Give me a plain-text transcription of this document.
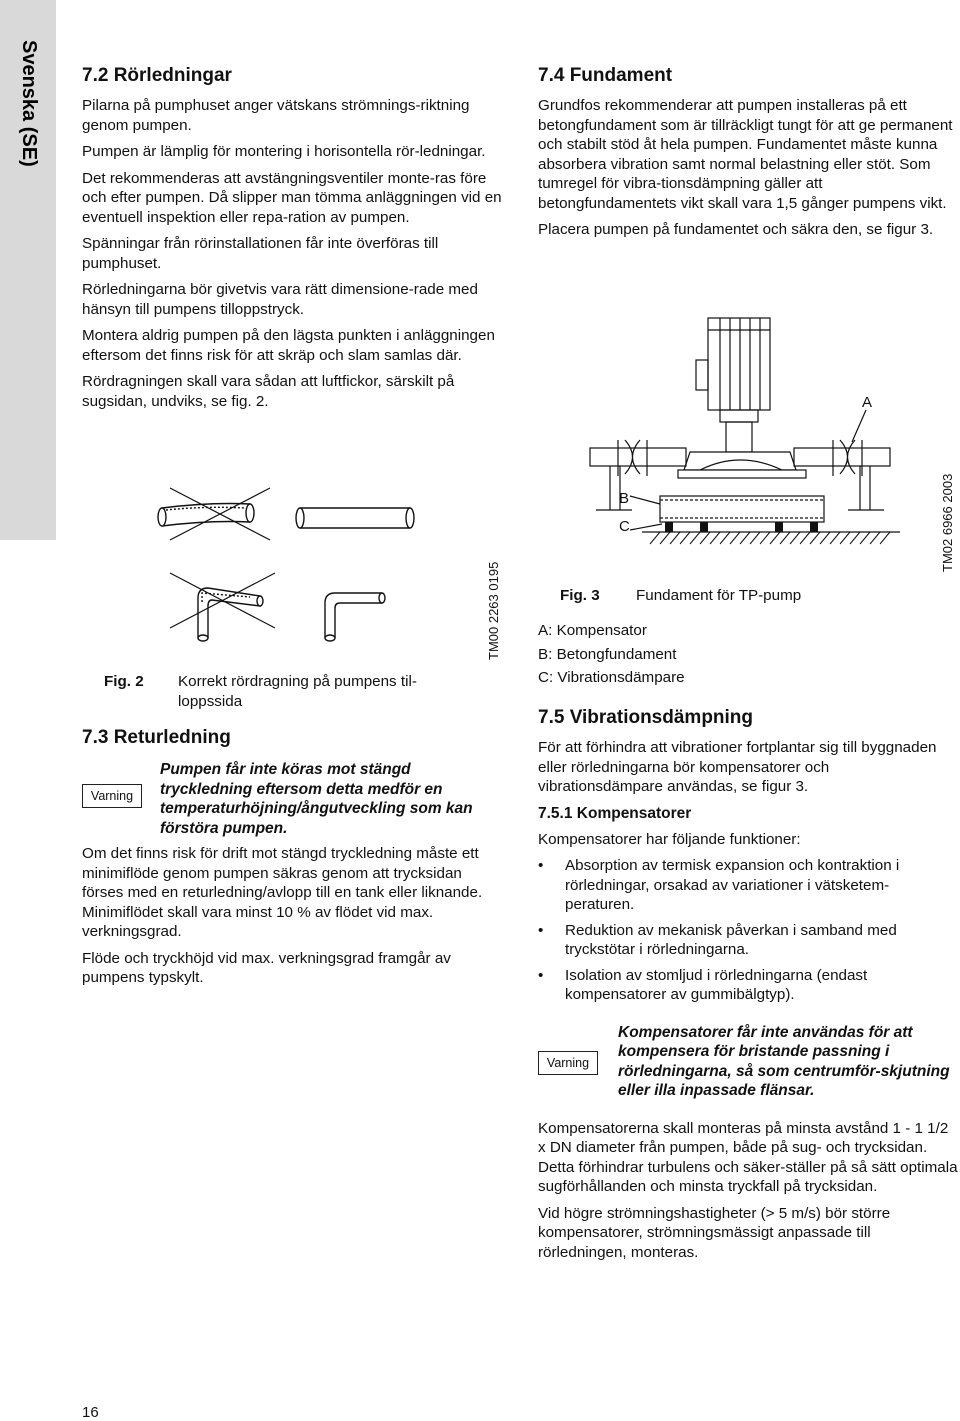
Svenska (SE)	7.2 Rörledningar

Pilarna på pumphuset anger vätskans strömnings-riktning genom pumpen.

Pumpen är lämplig för montering i horisontella rör-ledningar.

Det rekommenderas att avstängningsventiler monte-ras före och efter pumpen. Då slipper man tömma anläggningen vid en eventuell inspektion eller repa-ration av pumpen.

Spänningar från rörinstallationen får inte överföras till pumphuset.

Rörledningarna bör givetvis vara rätt dimensione-rade med hänsyn till pumpens tilloppstryck.

Montera aldrig pumpen på den lägsta punkten i anläggningen eftersom det finns risk för att skräp och slam samlas där.

Rördragningen skall vara sådan att luftfickor, särskilt på sugsidan, undviks, se fig. 2.

TM00 2263 0195
Fig. 2 Korrekt rördragning på pumpens til-loppssida
7.3 Returledning
Varning
Pumpen får inte köras mot stängd tryckledning eftersom detta medför en temperaturhöjning/ångutveckling som kan förstöra pumpen.

Om det finns risk för drift mot stängd tryckledning måste ett minimiflöde genom pumpen säkras genom att trycksidan förses med en returledning/avlopp till en tank eller liknande. Minimiflödet skall vara minst 10 % av flödet vid max. verkningsgrad.

Flöde och tryckhöjd vid max. verkningsgrad framgår av pumpens typskylt.

7.4 Fundament

Grundfos rekommenderar att pumpen installeras på ett betongfundament som är tillräckligt tungt för att ge permanent och stabilt stöd åt hela pumpen. Fundamentet måste kunna absorbera vibration samt normal belastning eller stöt. Som tumregel för vibra-tionsdämpning gäller att betongfundamentets vikt skall vara 1,5 gånger pumpens vikt.

Placera pumpen på fundamentet och säkra den, se figur 3.

A
B
C	TM02 6966 2003
Fig. 3 Fundament för TP-pump

A: Kompensator

B: Betongfundament

C: Vibrationsdämpare

7.5 Vibrationsdämpning

För att förhindra att vibrationer fortplantar sig till byggnaden eller rörledningarna bör kompensatorer och vibrationsdämpare användas, se figur 3.

7.5.1 Kompensatorer

Kompensatorer har följande funktioner:

• Absorption av termisk expansion och kontraktion i rörledningar, orsakad av variationer i vätsketem-peraturen.
• Reduktion av mekanisk påverkan i samband med tryckstötar i rörledningarna.
• Isolation av stomljud i rörledningarna (endast kompensatorer av gummibälgtyp).
Varning
Kompensatorer får inte användas för att kompensera för bristande passning i rörledningarna, så som centrumför-skjutning eller illa inpassade flänsar.

Kompensatorerna skall monteras på minsta avstånd 1 - 1 1/2 x DN diameter från pumpen, både på sug- och trycksidan. Detta förhindrar turbulens och säker-ställer på så sätt optimala sugförhållanden och minsta tryckfall på trycksidan.

Vid högre strömningshastigheter (> 5 m/s) bör större kompensatorer, strömningsmässigt anpassade till rörledningen, monteras.

16
